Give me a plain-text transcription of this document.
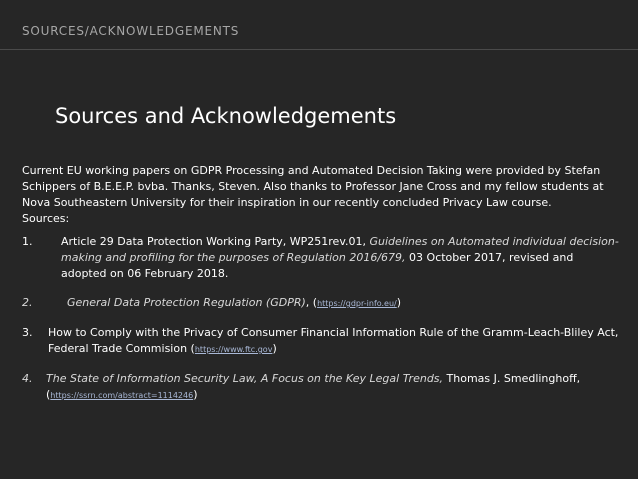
SOURCES/ACKNOWLEDGEMENTS
Sources and Acknowledgements

Current EU working papers on GDPR Processing and Automated Decision Taking were provided by Stefan Schippers of B.E.E.P. bvba. Thanks, Steven. Also thanks to Professor Jane Cross and my fellow students at Nova Southeastern University for their inspiration in our recently concluded Privacy Law course.

Sources:
1.	Article 29 Data Protection Working Party, WP251rev.01, Guidelines on Automated individual decision-making and profiling for the purposes of Regulation 2016/679, 03 October 2017, revised and adopted on 06 February 2018.
2.	General Data Protection Regulation (GDPR), (https://gdpr-info.eu/)
3.	How to Comply with the Privacy of Consumer Financial Information Rule of the Gramm-Leach-Bliley Act, Federal Trade Commision (https://www.ftc.gov)
4.	The State of Information Security Law, A Focus on the Key Legal Trends, Thomas J. Smedlinghoff,
(https://ssrn.com/abstract=1114246)
